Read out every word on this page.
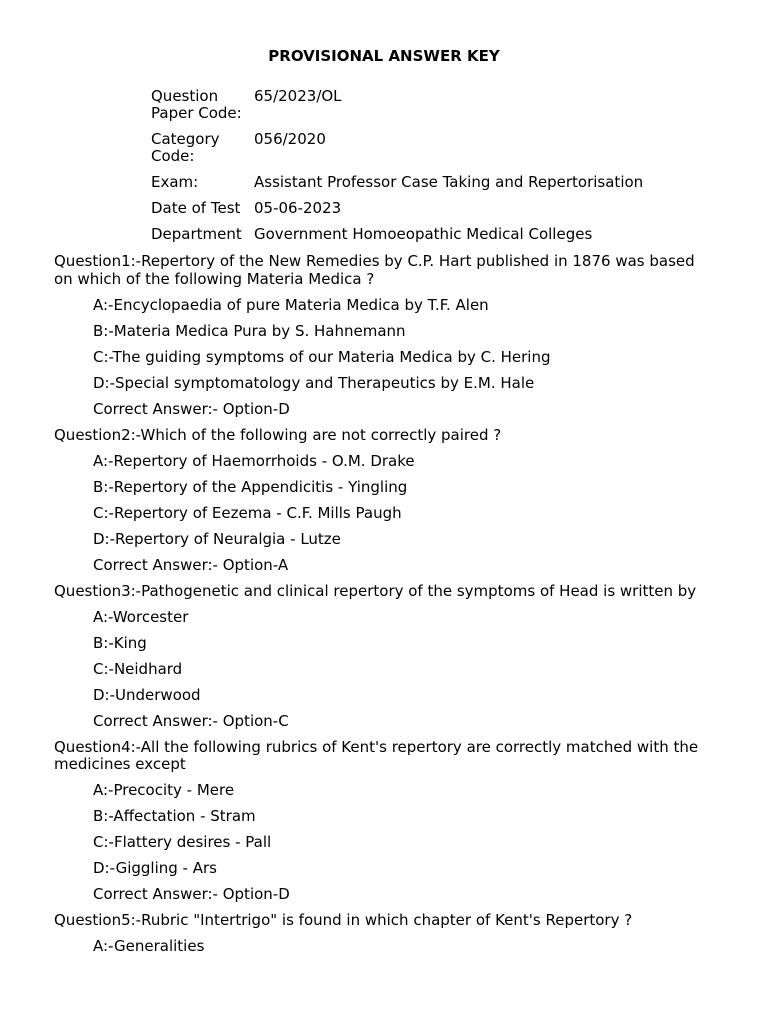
PROVISIONAL ANSWER KEY
Question Paper Code:
65/2023/OL
Category Code:
056/2020
Exam:	Assistant Professor Case Taking and Repertorisation
Date of Test 05-06-2023
Department Government Homoeopathic Medical Colleges
Question1:-Repertory of the New Remedies by C.P. Hart published in 1876 was based on which of the following Materia Medica ?
A:-Encyclopaedia of pure Materia Medica by T.F. Alen
B:-Materia Medica Pura by S. Hahnemann
C:-The guiding symptoms of our Materia Medica by C. Hering
D:-Special symptomatology and Therapeutics by E.M. Hale
Correct Answer:- Option-D
Question2:-Which of the following are not correctly paired ?
A:-Repertory of Haemorrhoids - O.M. Drake
B:-Repertory of the Appendicitis - Yingling
C:-Repertory of Eezema - C.F. Mills Paugh
D:-Repertory of Neuralgia - Lutze
Correct Answer:- Option-A
Question3:-Pathogenetic and clinical repertory of the symptoms of Head is written by
A:-Worcester
B:-King
C:-Neidhard
D:-Underwood
Correct Answer:- Option-C
Question4:-All the following rubrics of Kent's repertory are correctly matched with the medicines except
A:-Precocity - Mere
B:-Affectation - Stram
C:-Flattery desires - Pall
D:-Giggling - Ars
Correct Answer:- Option-D
Question5:-Rubric "Intertrigo" is found in which chapter of Kent's Repertory ?
A:-Generalities
